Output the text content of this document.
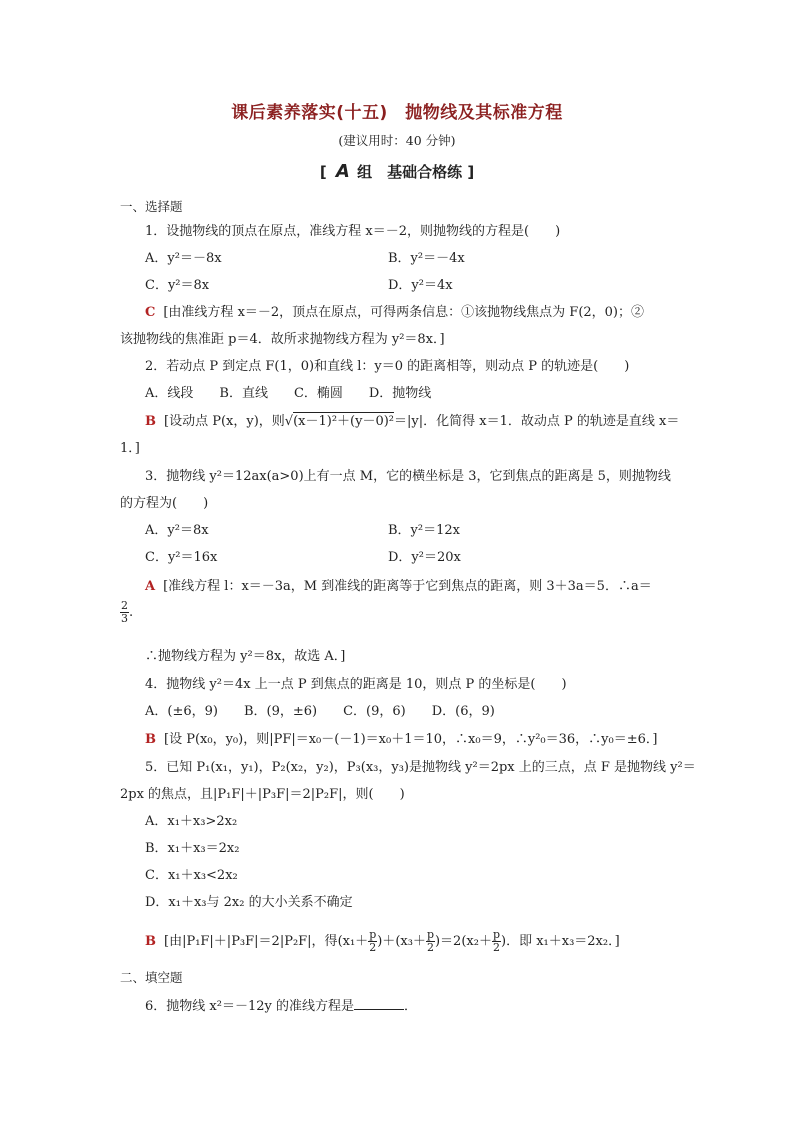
课后素养落实(十五)　抛物线及其标准方程
(建议用时：40 分钟)
[ A 组　基础合格练 ]
一、选择题
1．设抛物线的顶点在原点，准线方程 x＝－2，则抛物线的方程是(　　)
A．y²＝－8x	B．y²＝－4x
C．y²＝8x	D．y²＝4x
C [由准线方程 x＝－2，顶点在原点，可得两条信息：①该抛物线焦点为 F(2，0)；②
该抛物线的焦准距 p＝4．故所求抛物线方程为 y²＝8x．]
2．若动点 P 到定点 F(1，0)和直线 l：y＝0 的距离相等，则动点 P 的轨迹是(　　)
A．线段　　B．直线　　C．椭圆　　D．抛物线
B [设动点 P(x，y)，则√(x－1)²＋(y－0)²＝|y|．化简得 x＝1．故动点 P 的轨迹是直线 x＝
1．]
3．抛物线 y²＝12ax(a>0)上有一点 M，它的横坐标是 3，它到焦点的距离是 5，则抛物线
的方程为(　　)
A．y²＝8x	B．y²＝12x
C．y²＝16x	D．y²＝20x
A [准线方程 l：x＝－3a，M 到准线的距离等于它到焦点的距离，则 3＋3a＝5．∴a＝
$\frac{2}{3}$ .
∴抛物线方程为 y²＝8x，故选 A．]
4．抛物线 y²＝4x 上一点 P 到焦点的距离是 10，则点 P 的坐标是(　　)
A．(±6，9)　　B．(9，±6)　　C．(9，6)　　D．(6，9)
B [设 P(x₀，y₀)，则|PF|＝x₀－(－1)＝x₀＋1＝10，∴x₀＝9，∴y²₀＝36，∴y₀＝±6．]
5．已知 P₁(x₁，y₁)，P₂(x₂，y₂)，P₃(x₃，y₃)是抛物线 y²＝2px 上的三点，点 F 是抛物线 y²＝
2px 的焦点，且|P₁F|＋|P₃F|＝2|P₂F|，则(　　)
A．x₁＋x₃>2x₂
B．x₁＋x₃＝2x₂
C．x₁＋x₃<2x₂
D．x₁＋x₃与 2x₂ 的大小关系不确定
B [由|P₁F|＋|P₃F|＝2|P₂F|，得$(x_1+ \frac{p}{2} )+(x_3+ \frac{p}{2} )=2(x_2+ \frac{p}{2}$ )．即 x₁＋x₃＝2x₂．]
二、填空题
6．抛物线 x²＝－12y 的准线方程是	．
